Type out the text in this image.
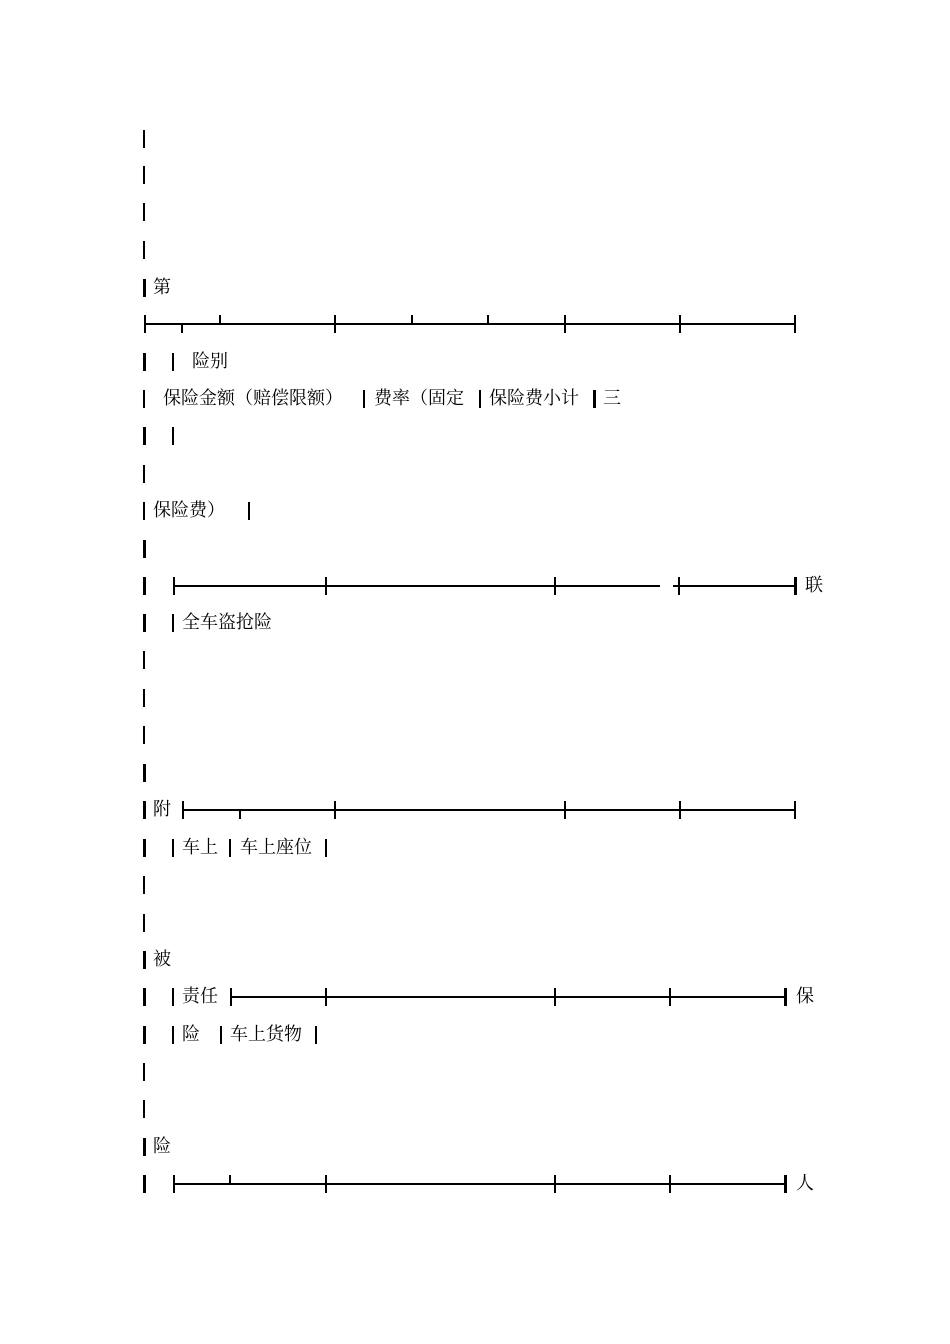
第
险别
保险金额（赔偿限额） 费率（固定 保险费小计 三
保险费）
联
全车盗抢险
附
车上 车上座位
被
责任	保
险 车上货物
险
人
